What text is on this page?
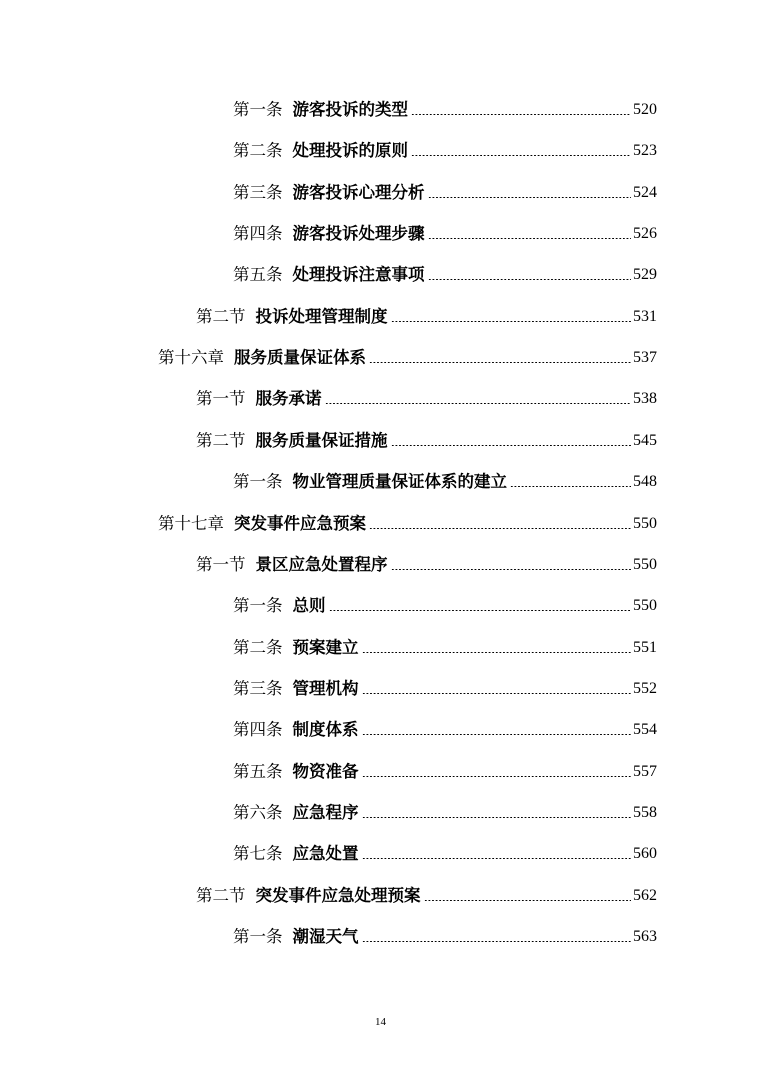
第一条 游客投诉的类型	520
第二条 处理投诉的原则	523
第三条 游客投诉心理分析	524
第四条 游客投诉处理步骤	526
第五条 处理投诉注意事项	529
第二节 投诉处理管理制度	531
第十六章 服务质量保证体系	537
第一节 服务承诺	538
第二节 服务质量保证措施	545
第一条 物业管理质量保证体系的建立	548
第十七章 突发事件应急预案	550
第一节 景区应急处置程序	550
第一条 总则	550
第二条 预案建立	551
第三条 管理机构	552
第四条 制度体系	554
第五条 物资准备	557
第六条 应急程序	558
第七条 应急处置	560
第二节 突发事件应急处理预案	562
第一条 潮湿天气	563
14
